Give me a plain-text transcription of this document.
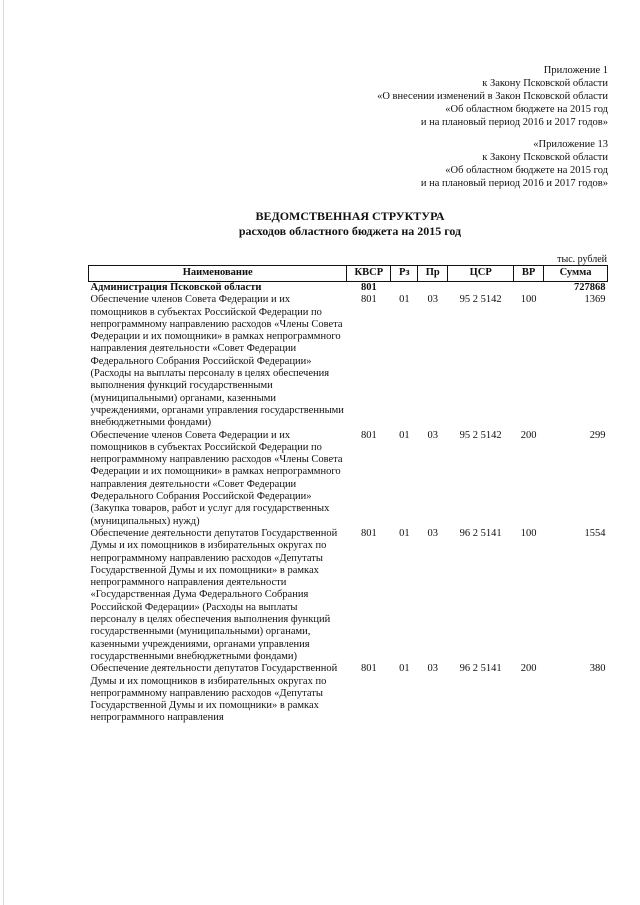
Приложение 1
к Закону Псковской области
«О внесении изменений в Закон Псковской области
«Об областном бюджете на 2015 год
и на плановый период 2016 и 2017 годов»
«Приложение 13
к Закону Псковской области
«Об областном бюджете на 2015 год
и на плановый период 2016 и 2017 годов»
ВЕДОМСТВЕННАЯ СТРУКТУРА
расходов областного бюджета на 2015 год
тыс. рублей
Наименование	КВСР	Рз	Пр	ЦСР	ВР	Сумма
Администрация Псковской области	801					727868
Обеспечение членов Совета Федерации и их помощников в субъектах Российской Федерации по непрограммному направлению расходов «Члены Совета Федерации и их помощники» в рамках непрограммного направления деятельности «Совет Федерации Федерального Собрания Российской Федерации» (Расходы на выплаты персоналу в целях обеспечения выполнения функций государственными (муниципальными) органами, казенными учреждениями, органами управления государственными внебюджетными фондами)	801	01	03	95 2 5142	100	1369
Обеспечение членов Совета Федерации и их помощников в субъектах Российской Федерации по непрограммному направлению расходов «Члены Совета Федерации и их помощники» в рамках непрограммного направления деятельности «Совет Федерации Федерального Собрания Российской Федерации» (Закупка товаров, работ и услуг для государственных (муниципальных) нужд)	801	01	03	95 2 5142	200	299
Обеспечение деятельности депутатов Государственной Думы и их помощников в избирательных округах по непрограммному направлению расходов «Депутаты Государственной Думы и их помощники» в рамках непрограммного направления деятельности «Государственная Дума Федерального Собрания Российской Федерации» (Расходы на выплаты персоналу в целях обеспечения выполнения функций государственными (муниципальными) органами, казенными учреждениями, органами управления государственными внебюджетными фондами)	801	01	03	96 2 5141	100	1554
Обеспечение деятельности депутатов Государственной Думы и их помощников в избирательных округах по непрограммному направлению расходов «Депутаты Государственной Думы и их помощники» в рамках непрограммного направления	801	01	03	96 2 5141	200	380
